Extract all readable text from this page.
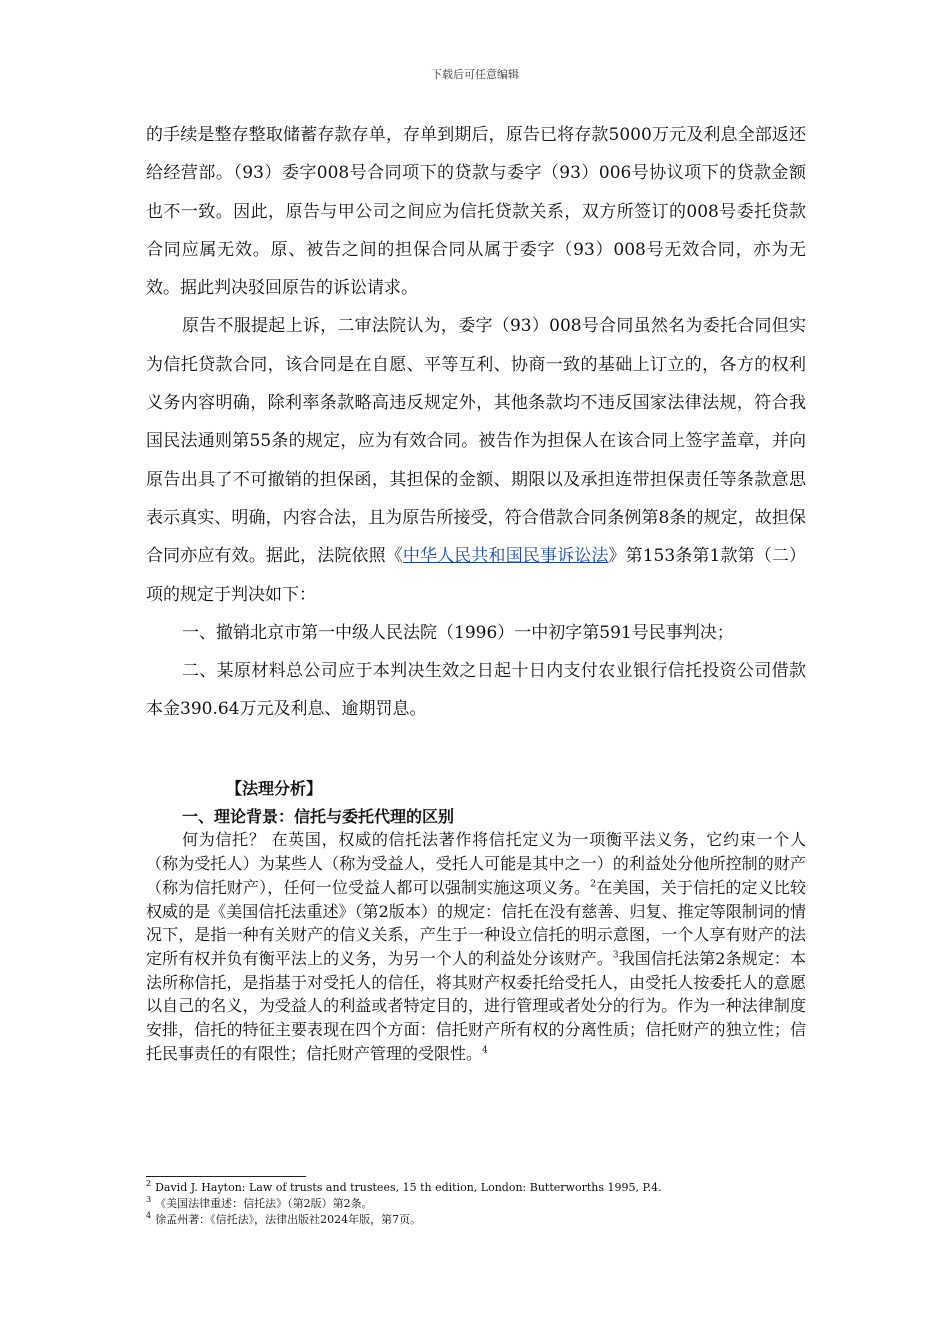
下载后可任意编辑

的手续是整存整取储蓄存款存单，存单到期后，原告已将存款5000万元及利息全部返还给经营部。（93）委字008号合同项下的贷款与委字（93）006号协议项下的贷款金额也不一致。因此，原告与甲公司之间应为信托贷款关系，双方所签订的008号委托贷款合同应属无效。原、被告之间的担保合同从属于委字（93）008号无效合同，亦为无效。据此判决驳回原告的诉讼请求。

原告不服提起上诉，二审法院认为，委字（93）008号合同虽然名为委托合同但实为信托贷款合同，该合同是在自愿、平等互利、协商一致的基础上订立的，各方的权利义务内容明确，除利率条款略高违反规定外，其他条款均不违反国家法律法规，符合我国民法通则第55条的规定，应为有效合同。被告作为担保人在该合同上签字盖章，并向原告出具了不可撤销的担保函，其担保的金额、期限以及承担连带担保责任等条款意思表示真实、明确，内容合法，且为原告所接受，符合借款合同条例第8条的规定，故担保合同亦应有效。据此，法院依照《中华人民共和国民事诉讼法》第153条第1款第（二）项的规定于判决如下：

一、撤销北京市第一中级人民法院（1996）一中初字第591号民事判决；

二、某原材料总公司应于本判决生效之日起十日内支付农业银行信托投资公司借款本金390.64万元及利息、逾期罚息。

【法理分析】

一、理论背景：信托与委托代理的区别

何为信托？ 在英国，权威的信托法著作将信托定义为一项衡平法义务，它约束一个人（称为受托人）为某些人（称为受益人，受托人可能是其中之一）的利益处分他所控制的财产（称为信托财产），任何一位受益人都可以强制实施这项义务。$^2$在美国，关于信托的定义比较权威的是《美国信托法重述》（第2版本）的规定：信托在没有慈善、归复、推定等限制词的情况下，是指一种有关财产的信义关系，产生于一种设立信托的明示意图，一个人享有财产的法定所有权并负有衡平法上的义务，为另一个人的利益处分该财产。$^3$我国信托法第2条规定：本法所称信托，是指基于对受托人的信任，将其财产权委托给受托人，由受托人按委托人的意愿以自己的名义，为受益人的利益或者特定目的，进行管理或者处分的行为。作为一种法律制度安排，信托的特征主要表现在四个方面：信托财产所有权的分离性质；信托财产的独立性；信托民事责任的有限性；信托财产管理的受限性。$^4$

$^2$ David J. Hayton: Law of trusts and trustees, 15 th edition, London: Butterworths 1995, P.4.

$^3$ 《美国法律重述：信托法》（第2版）第2条。

$^4$ 徐孟州著：《信托法》，法律出版社2024年版，第7页。
